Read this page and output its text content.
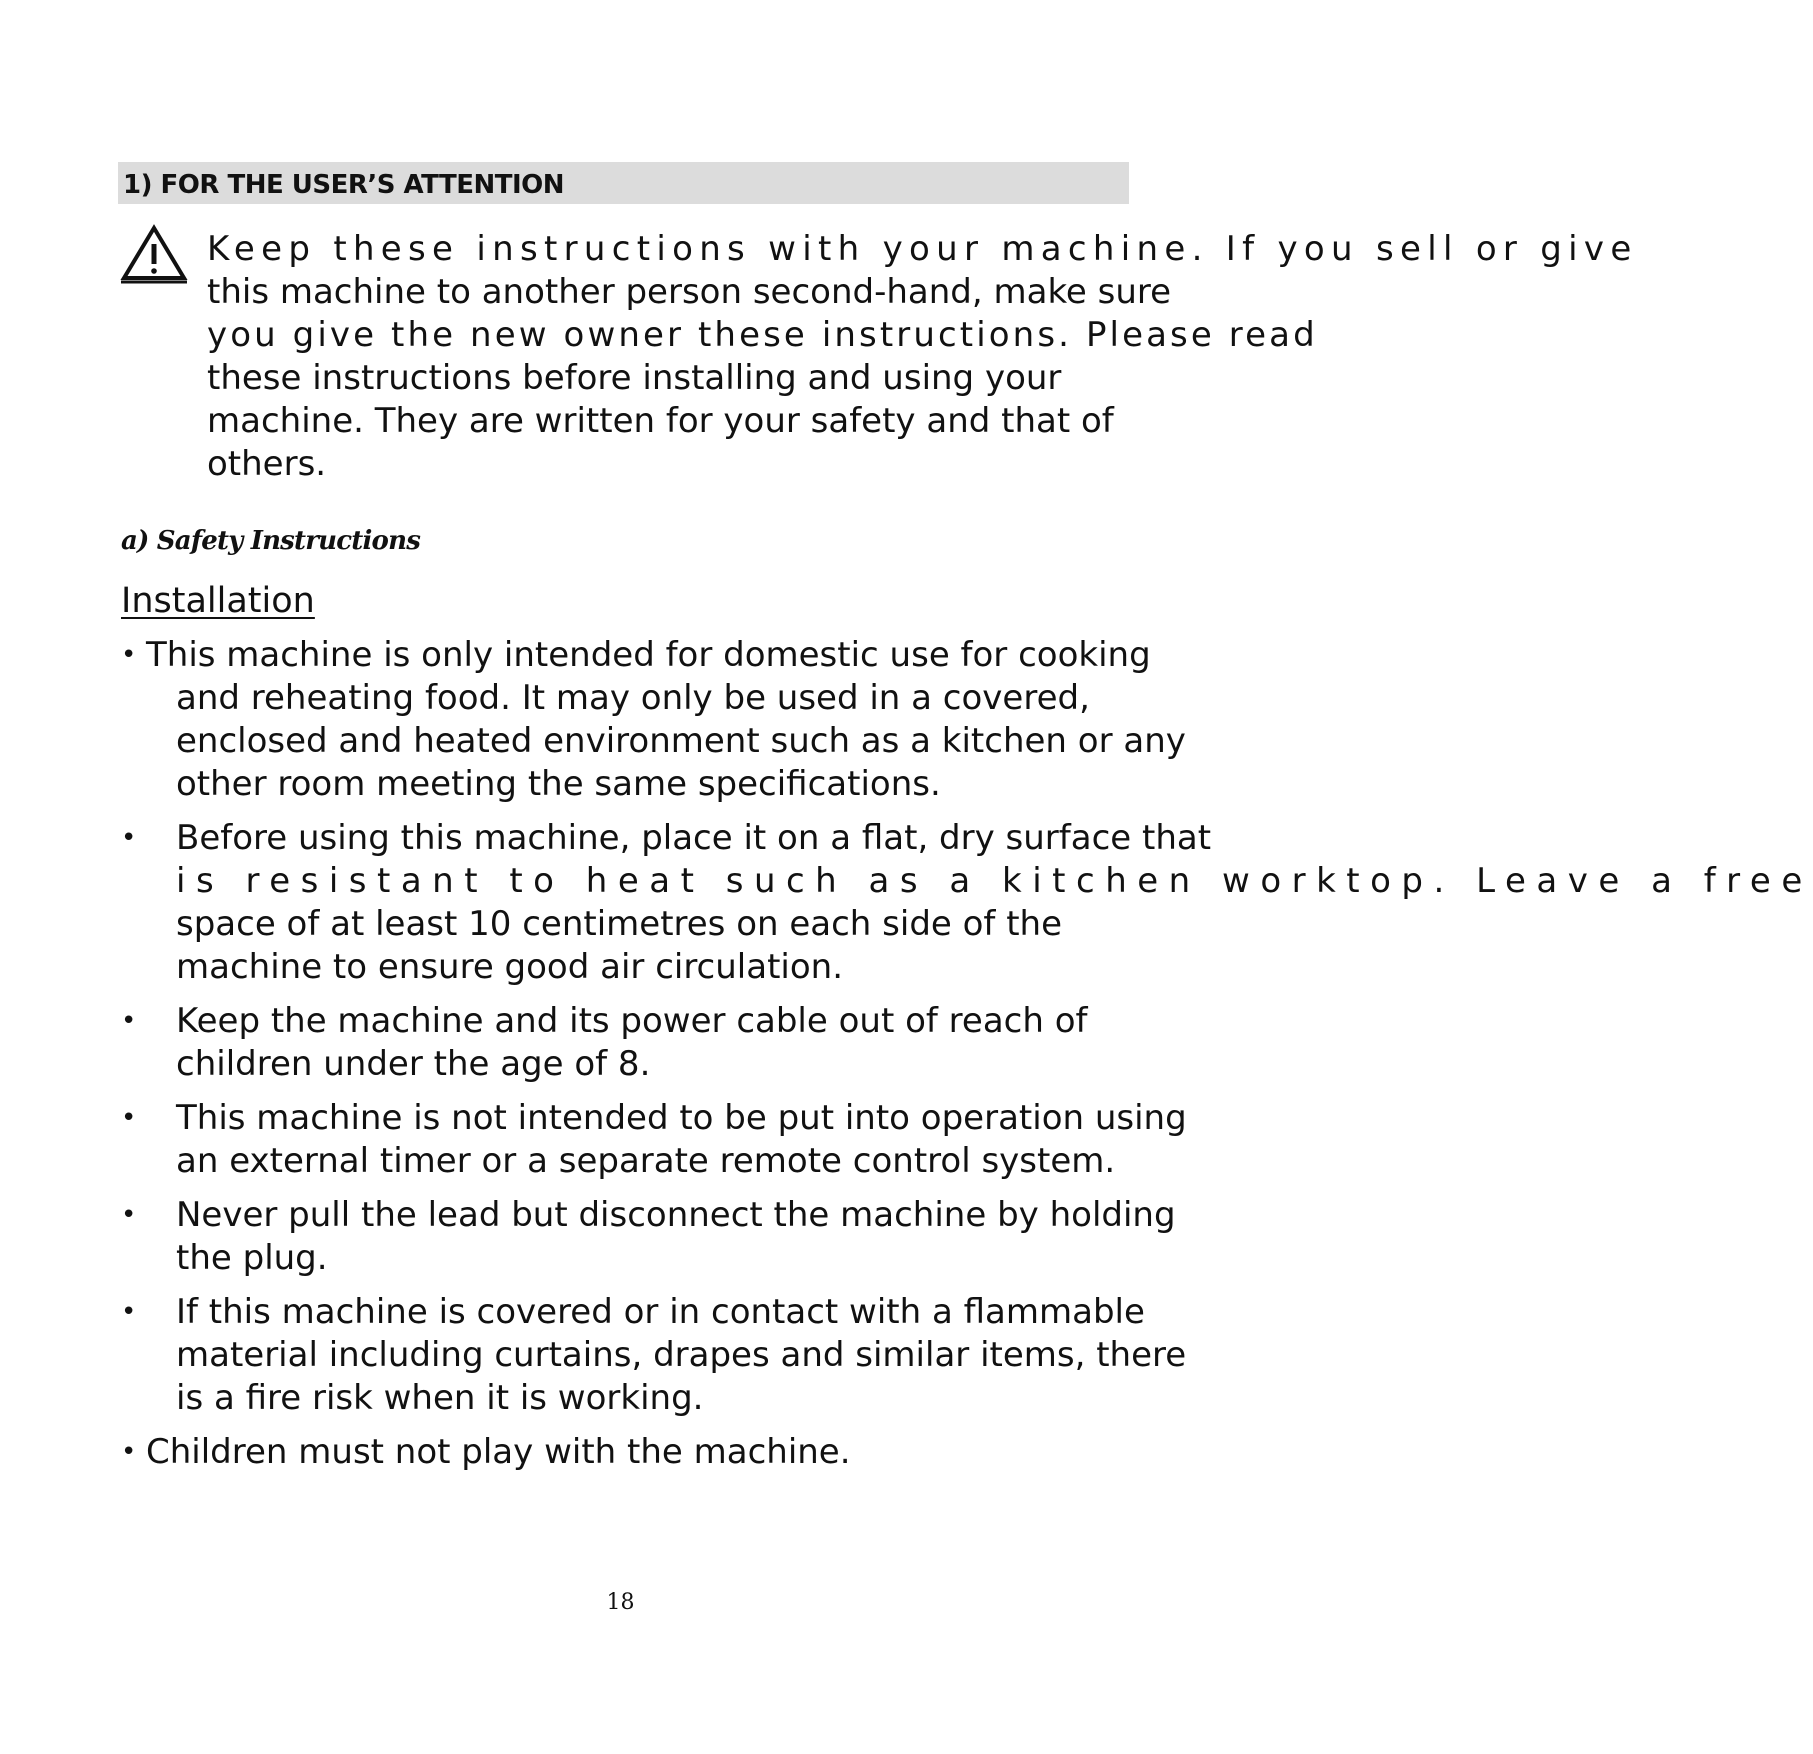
1) FOR THE USER’S ATTENTION
Keep these instructions with your machine. If you sell or give
this machine to another person second-hand, make sure
you give the new owner these instructions. Please read
these instructions before installing and using your
machine. They are written for your safety and that of
others.
a) Safety Instructions
Installation
• This machine is only intended for domestic use for cooking
and reheating food. It may only be used in a covered,
enclosed and heated environment such as a kitchen or any
other room meeting the same specifications.
• Before using this machine, place it on a flat, dry surface that
is resistant to heat such as a kitchen worktop. Leave a free
space of at least 10 centimetres on each side of the
machine to ensure good air circulation.
• Keep the machine and its power cable out of reach of
children under the age of 8.
• This machine is not intended to be put into operation using
an external timer or a separate remote control system.
• Never pull the lead but disconnect the machine by holding
the plug.
• If this machine is covered or in contact with a flammable
material including curtains, drapes and similar items, there
is a fire risk when it is working.
• Children must not play with the machine.
18
